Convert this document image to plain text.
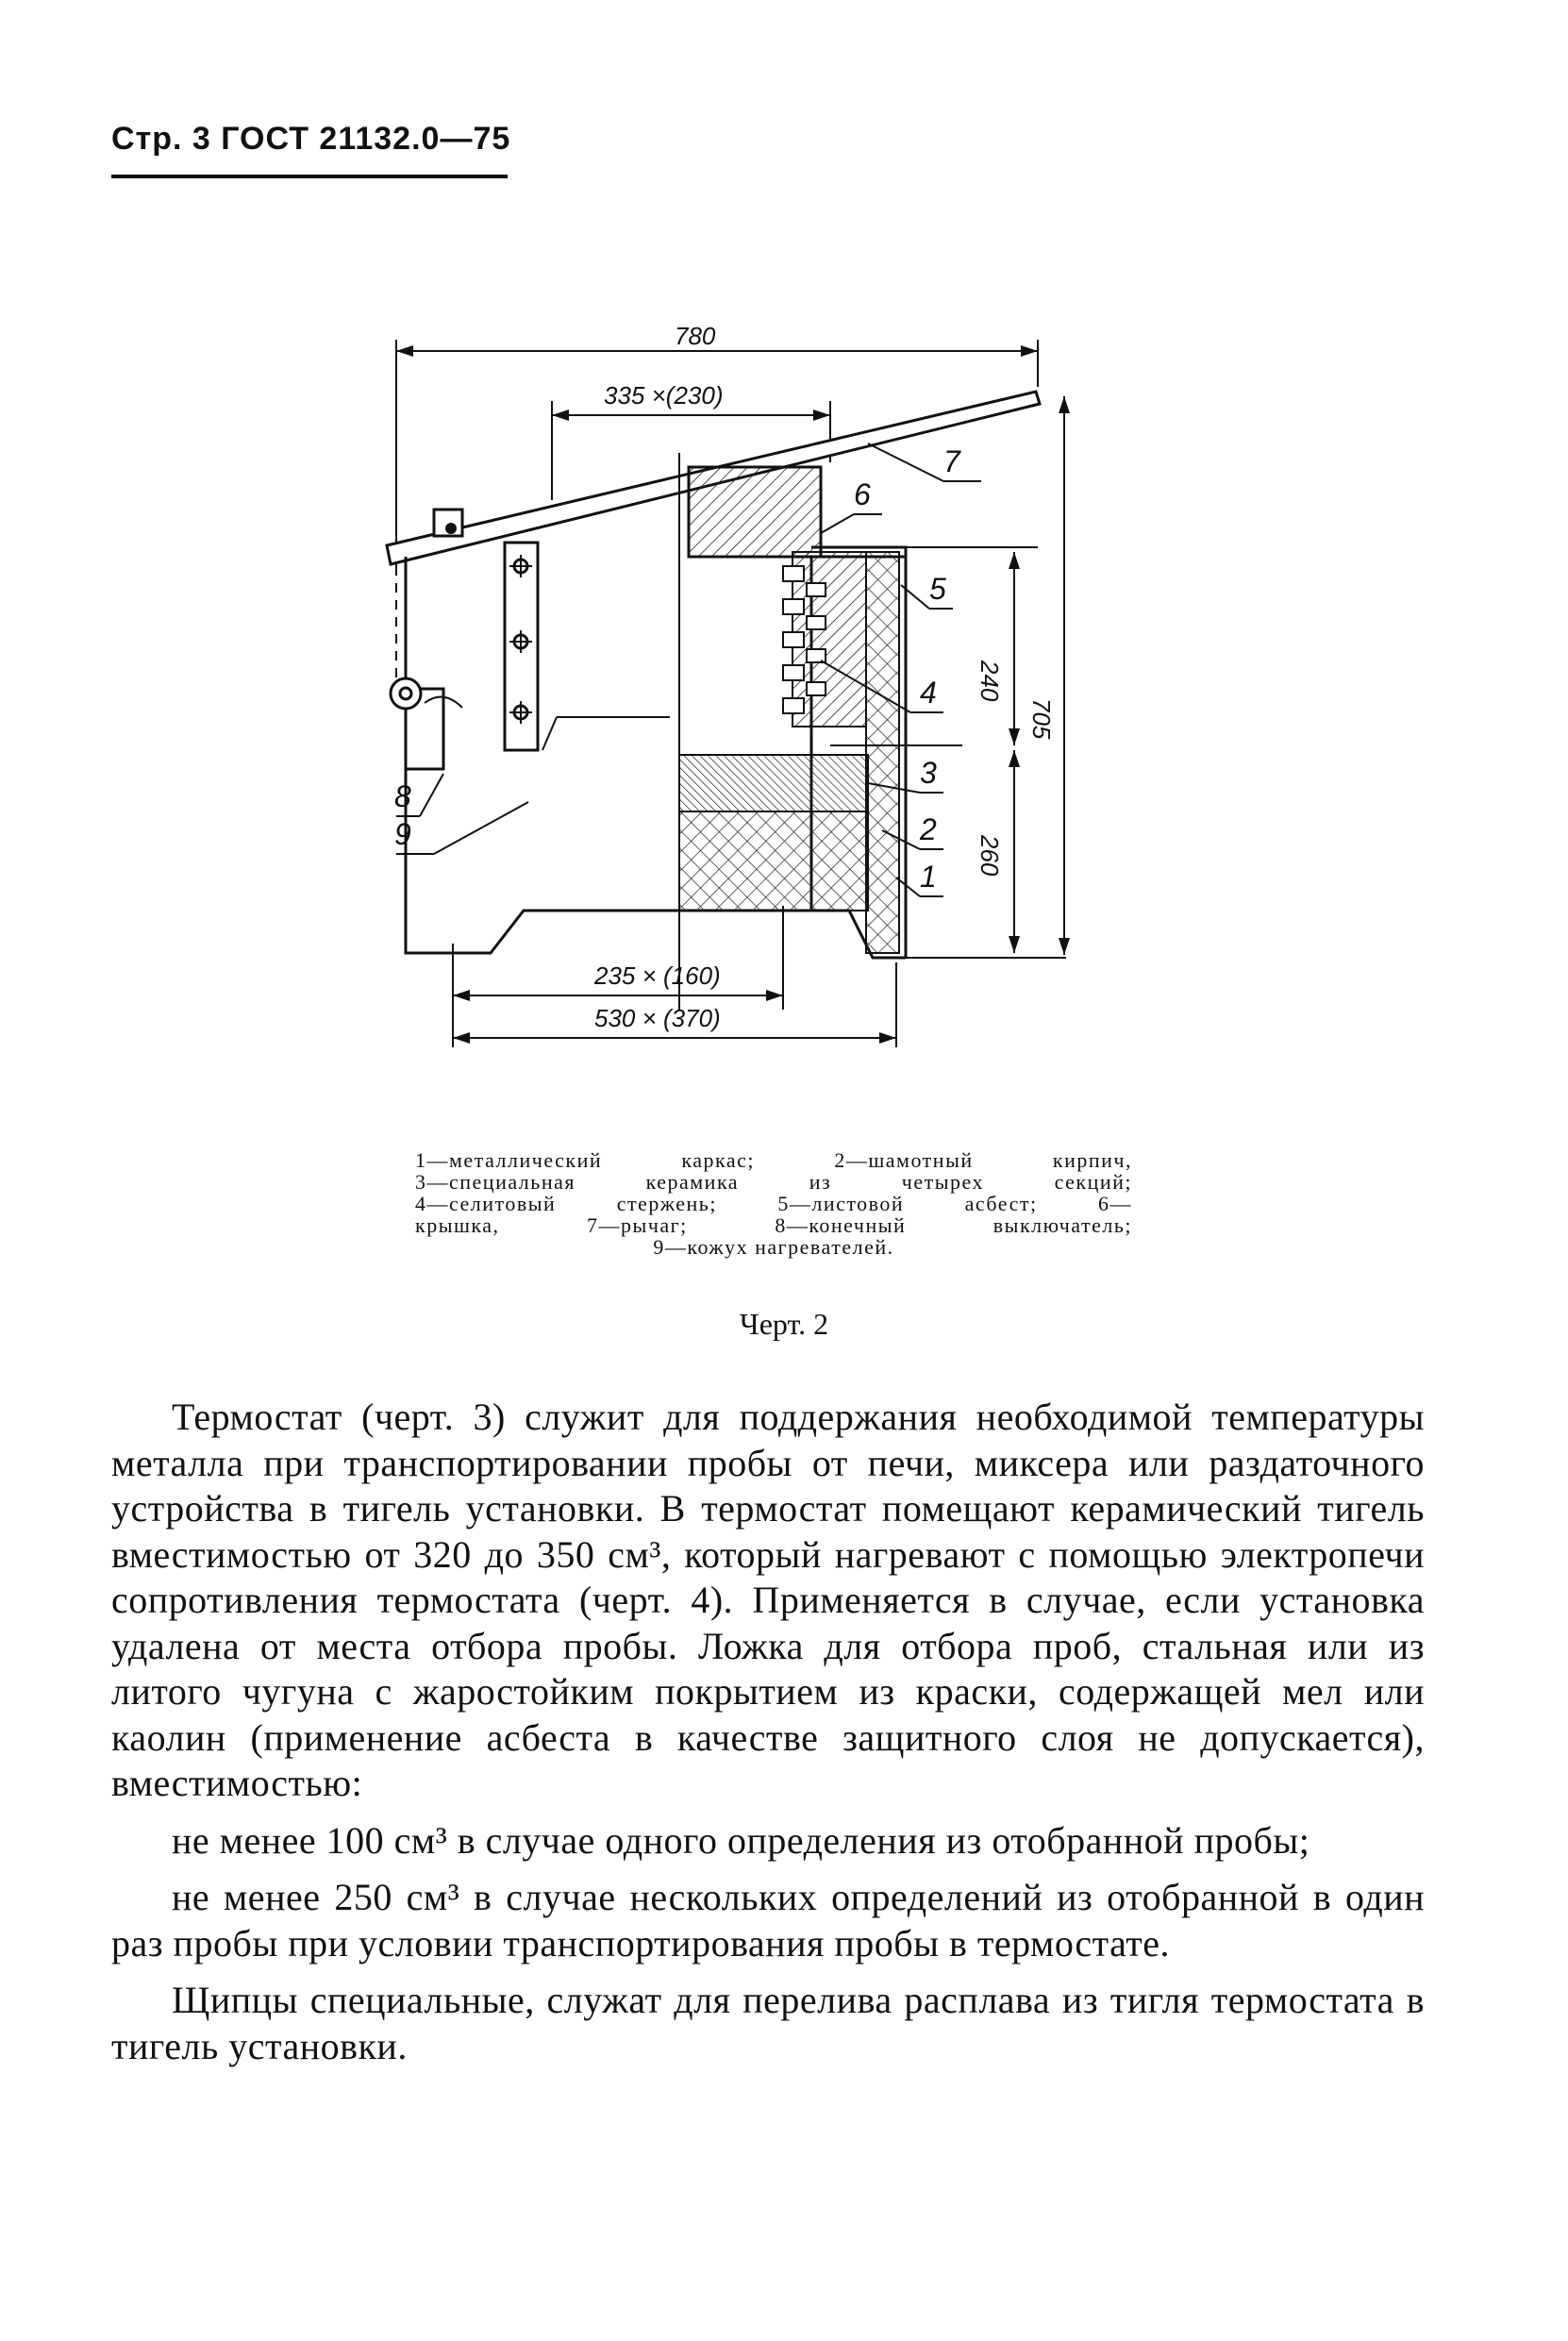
Стр. 3 ГОСТ 21132.0—75
780
335 ×(230)
240
705
260
235 × (160)
530 × (370)
7
6
5
4
3
2
1
8
9
1—металлический каркас; 2—шамотный кирпич,
3—специальная керамика из четырех секций;
4—селитовый стержень; 5—листовой асбест; 6—
крышка, 7—рычаг; 8—конечный выключатель;
9—кожух нагревателей.
Черт. 2

Термостат (черт. 3) служит для поддержания необходимой температуры металла при транспортировании пробы от печи, миксера или раздаточного устройства в тигель установки. В термостат помещают керамический тигель вместимостью от 320 до 350 см³, который нагревают с помощью электропечи сопротивления термостата (черт. 4). Применяется в случае, если установка удалена от места отбора пробы. Ложка для отбора проб, стальная или из литого чугуна с жаростойким покрытием из краски, содержащей мел или каолин (применение асбеста в качестве защитного слоя не допускается), вместимостью:

не менее 100 см³ в случае одного определения из отобранной пробы;

не менее 250 см³ в случае нескольких определений из отобранной в один раз пробы при условии транспортирования пробы в термостате.

Щипцы специальные, служат для перелива расплава из тигля термостата в тигель установки.
